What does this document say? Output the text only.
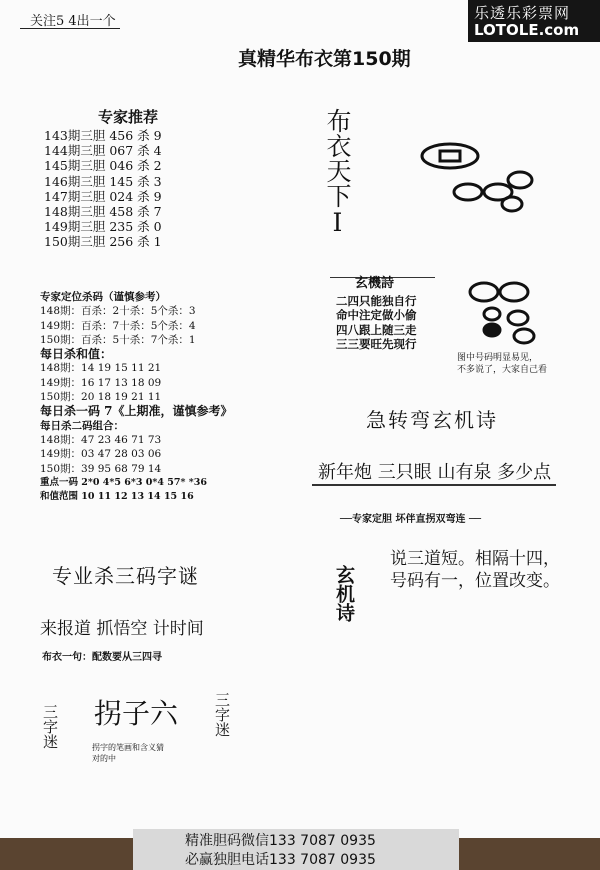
乐透乐彩票网
LOTOLE.com
关注5 4出一个
真精华布衣第150期
专家推荐
143期三胆 456 杀 9
144期三胆 067 杀 4
145期三胆 046 杀 2
146期三胆 145 杀 3
147期三胆 024 杀 9
148期三胆 458 杀 7
149期三胆 235 杀 0
150期三胆 256 杀 1
专家定位杀码（谨慎参考）
148期：百杀：2十杀：5个杀：3
149期：百杀：7十杀：5个杀：4
150期：百杀：5十杀：7个杀：1
每日杀和值：
148期：14 19 15 11 21
149期：16 17 13 18 09
150期：20 18 19 21 11
每日杀一码 7《上期准，谨慎参考》
每日杀二码组合：
148期：47 23 46 71 73
149期：03 47 28 03 06
150期：39 95 68 79 14
重点一码 2*0 4*5 6*3 0*4 57* *36
和值范围 10 11 12 13 14 15 16
布衣天下I
玄機詩
二四只能独自行
命中注定做小偷
四八跟上随三走
三三要旺先现行
图中号码明显易见，
不多说了，大家自己看
急转弯玄机诗
新年炮 三只眼 山有泉 多少点
──专家定胆 坏伴直拐双弯连 ──
玄机诗
说三道短。相隔十四，
号码有一，位置改变。
专业杀三码字谜
来报道 抓悟空 计时间
布衣一句：配数要从三四寻
三字迷 拐子六 三字迷
拐字的笔画和含义猜
对的中
精准胆码微信133 7087 0935
必赢独胆电话133 7087 0935
